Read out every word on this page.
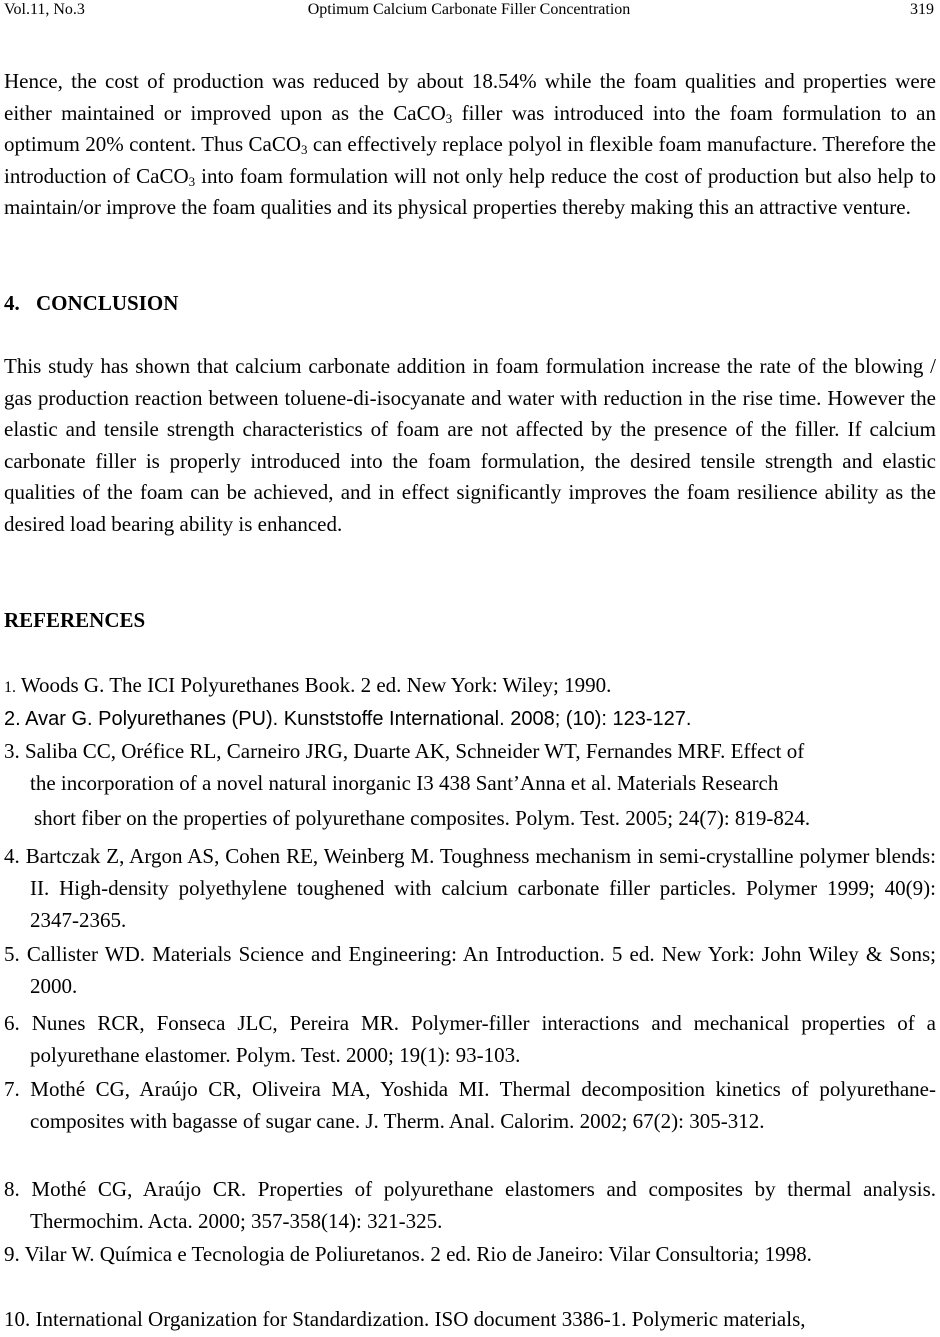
Vol.11, No.3	Optimum Calcium Carbonate Filler Concentration	319

Hence, the cost of production was reduced by about 18.54% while the foam qualities and properties were either maintained or improved upon as the CaCO$_3$ filler was introduced into the foam formulation to an optimum 20% content. Thus CaCO$_3$ can effectively replace polyol in flexible foam manufacture. Therefore the introduction of CaCO$_3$ into foam formulation will not only help reduce the cost of production but also help to maintain/or improve the foam qualities and its physical properties thereby making this an attractive venture.

4. CONCLUSION

This study has shown that calcium carbonate addition in foam formulation increase the rate of the blowing / gas production reaction between toluene-di-isocyanate and water with reduction in the rise time. However the elastic and tensile strength characteristics of foam are not affected by the presence of the filler. If calcium carbonate filler is properly introduced into the foam formulation, the desired tensile strength and elastic qualities of the foam can be achieved, and in effect significantly improves the foam resilience ability as the desired load bearing ability is enhanced.

REFERENCES

1. Woods G. The ICI Polyurethanes Book. 2 ed. New York: Wiley; 1990.

2. Avar G. Polyurethanes (PU). Kunststoffe International. 2008; (10): 123-127.

3. Saliba CC, Oréfice RL, Carneiro JRG, Duarte AK, Schneider WT, Fernandes MRF. Effect of

the incorporation of a novel natural inorganic I3 438 Sant’Anna et al. Materials Research

short fiber on the properties of polyurethane composites. Polym. Test. 2005; 24(7): 819-824.

4. Bartczak Z, Argon AS, Cohen RE, Weinberg M. Toughness mechanism in semi-crystalline polymer blends: II. High-density polyethylene toughened with calcium carbonate filler particles. Polymer 1999; 40(9): 2347-2365.

5. Callister WD. Materials Science and Engineering: An Introduction. 5 ed. New York: John Wiley & Sons; 2000.

6. Nunes RCR, Fonseca JLC, Pereira MR. Polymer-filler interactions and mechanical properties of a polyurethane elastomer. Polym. Test. 2000; 19(1): 93-103.

7. Mothé CG, Araújo CR, Oliveira MA, Yoshida MI. Thermal decomposition kinetics of polyurethane-composites with bagasse of sugar cane. J. Therm. Anal. Calorim. 2002; 67(2): 305-312.

8. Mothé CG, Araújo CR. Properties of polyurethane elastomers and composites by thermal analysis. Thermochim. Acta. 2000; 357-358(14): 321-325.

9. Vilar W. Química e Tecnologia de Poliuretanos. 2 ed. Rio de Janeiro: Vilar Consultoria; 1998.

10. International Organization for Standardization. ISO document 3386-1. Polymeric materials,
